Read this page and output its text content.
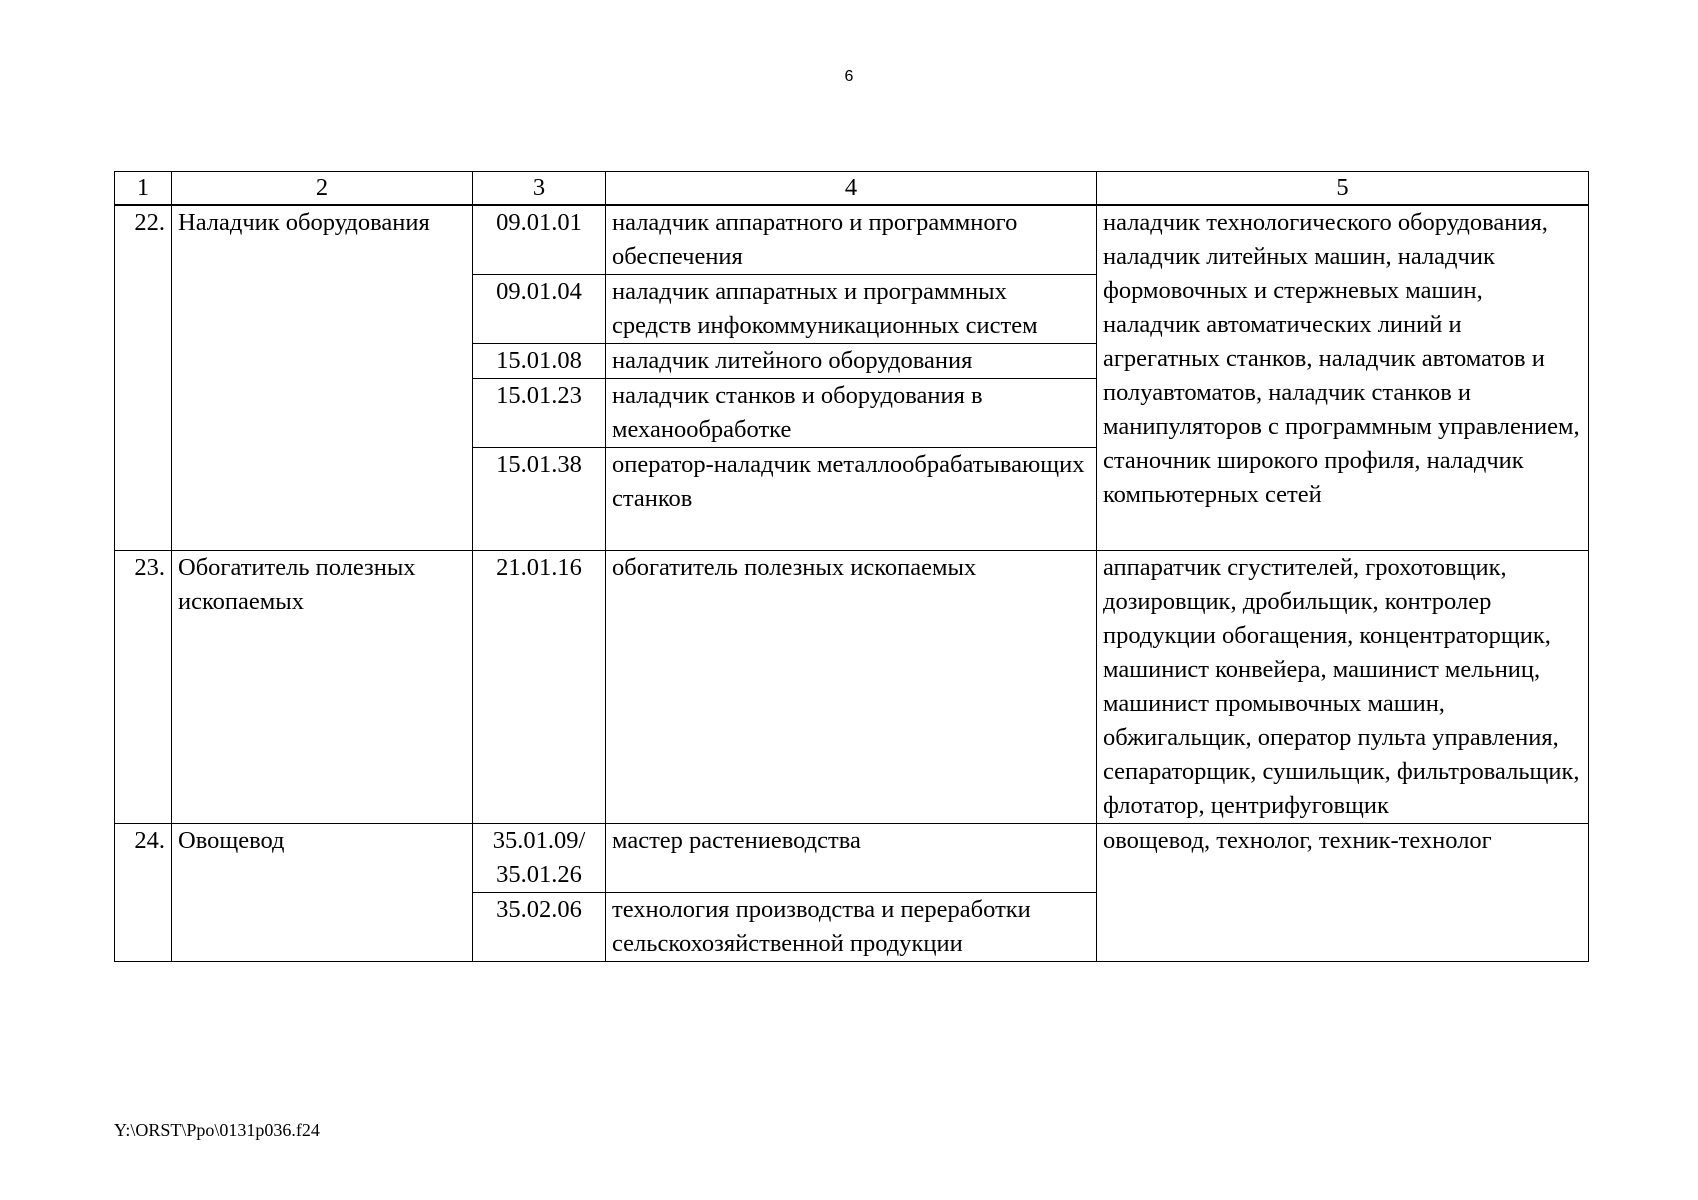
6
1	2	3	4	5
22.	Наладчик оборудования	09.01.01	наладчик аппаратного и программного обеспечения	наладчик технологического оборудования, наладчик литейных машин, наладчик формовочных и стержневых машин, наладчик автоматических линий и агрегатных станков, наладчик автоматов и полуавтоматов, наладчик станков и манипуляторов с программным управлением, станочник широкого профиля, наладчик компьютерных сетей
		09.01.04	наладчик аппаратных и программных средств инфокоммуникационных систем	
		15.01.08	наладчик литейного оборудования	
		15.01.23	наладчик станков и оборудования в механообработке	
		15.01.38	оператор-наладчик металлообрабатывающих станков	
23.	Обогатитель полезных ископаемых	21.01.16	обогатитель полезных ископаемых	аппаратчик сгустителей, грохотовщик, дозировщик, дробильщик, контролер продукции обогащения, концентраторщик, машинист конвейера, машинист мельниц, машинист промывочных машин, обжигальщик, оператор пульта управления, сепараторщик, сушильщик, фильтровальщик, флотатор, центрифуговщик
24.	Овощевод	35.01.09/ 35.01.26	мастер растениеводства	овощевод, технолог, техник-технолог
		35.02.06	технология производства и переработки сельскохозяйственной продукции	
Y:\ORST\Ppo\0131p036.f24
